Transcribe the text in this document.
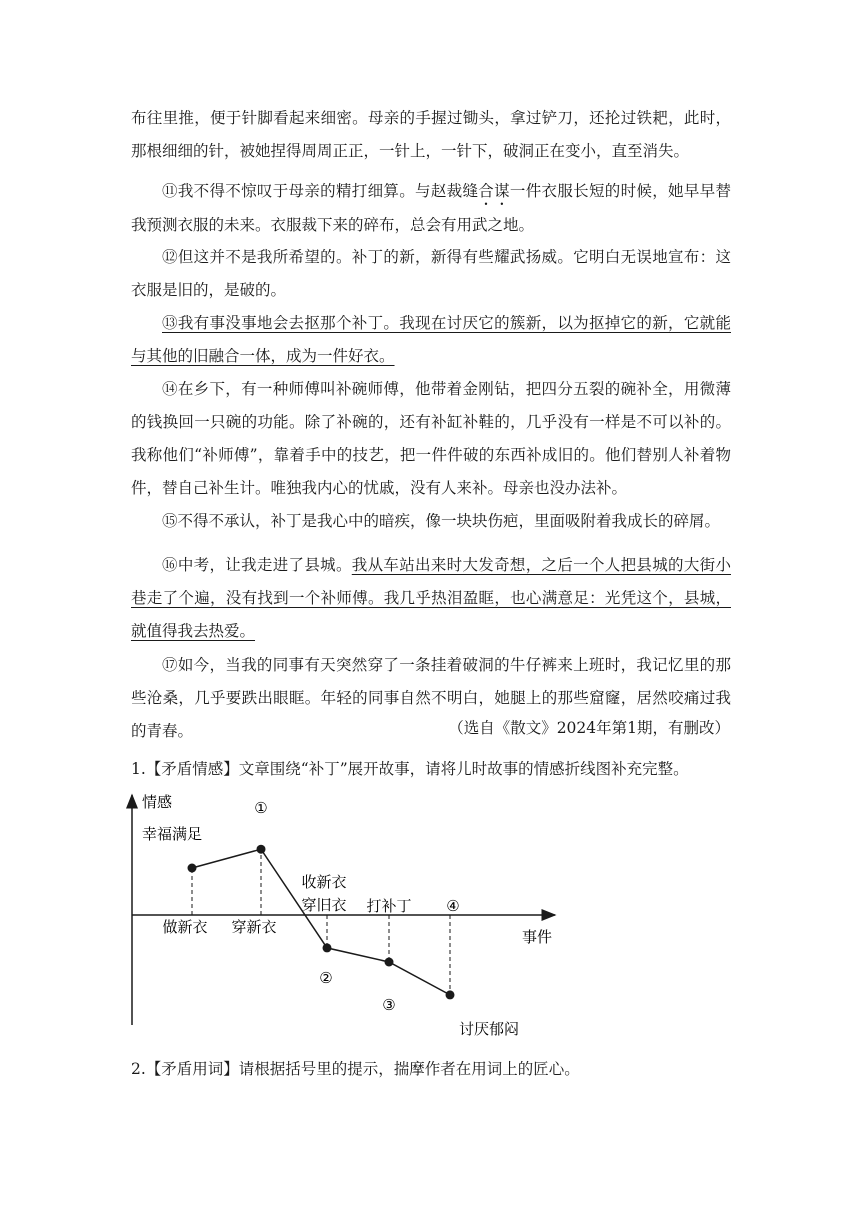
布往里推，便于针脚看起来细密。母亲的手握过锄头，拿过铲刀，还抡过铁耙，此时，那根细细的针，被她捏得周周正正，一针上，一针下，破洞正在变小，直至消失。

⑪我不得不惊叹于母亲的精打细算。与赵裁缝合谋一件衣服长短的时候，她早早替我预测衣服的未来。衣服裁下来的碎布，总会有用武之地。

⑫但这并不是我所希望的。补丁的新，新得有些耀武扬威。它明白无误地宣布：这衣服是旧的，是破的。

⑬我有事没事地会去抠那个补丁。我现在讨厌它的簇新，以为抠掉它的新，它就能与其他的旧融合一体，成为一件好衣。

⑭在乡下，有一种师傅叫补碗师傅，他带着金刚钻，把四分五裂的碗补全，用微薄的钱换回一只碗的功能。除了补碗的，还有补缸补鞋的，几乎没有一样是不可以补的。我称他们“补师傅”，靠着手中的技艺，把一件件破的东西补成旧的。他们替别人补着物件，替自己补生计。唯独我内心的忧戚，没有人来补。母亲也没办法补。

⑮不得不承认，补丁是我心中的暗疾，像一块块伤疤，里面吸附着我成长的碎屑。

⑯中考，让我走进了县城。我从车站出来时大发奇想，之后一个人把县城的大街小巷走了个遍，没有找到一个补师傅。我几乎热泪盈眶，也心满意足：光凭这个，县城，就值得我去热爱。

⑰如今，当我的同事有天突然穿了一条挂着破洞的牛仔裤来上班时，我记忆里的那些沧桑，几乎要跌出眼眶。年轻的同事自然不明白，她腿上的那些窟窿，居然咬痛过我的青春。	（选自《散文》2024年第1期，有删改）
1.【矛盾情感】文章围绕“补丁”展开故事，请将儿时故事的情感折线图补充完整。
情感
事件
做新衣 穿新衣
收新衣
穿旧衣 打补丁 ④
幸福满足
①
②
③
讨厌郁闷
2.【矛盾用词】请根据括号里的提示，揣摩作者在用词上的匠心。
